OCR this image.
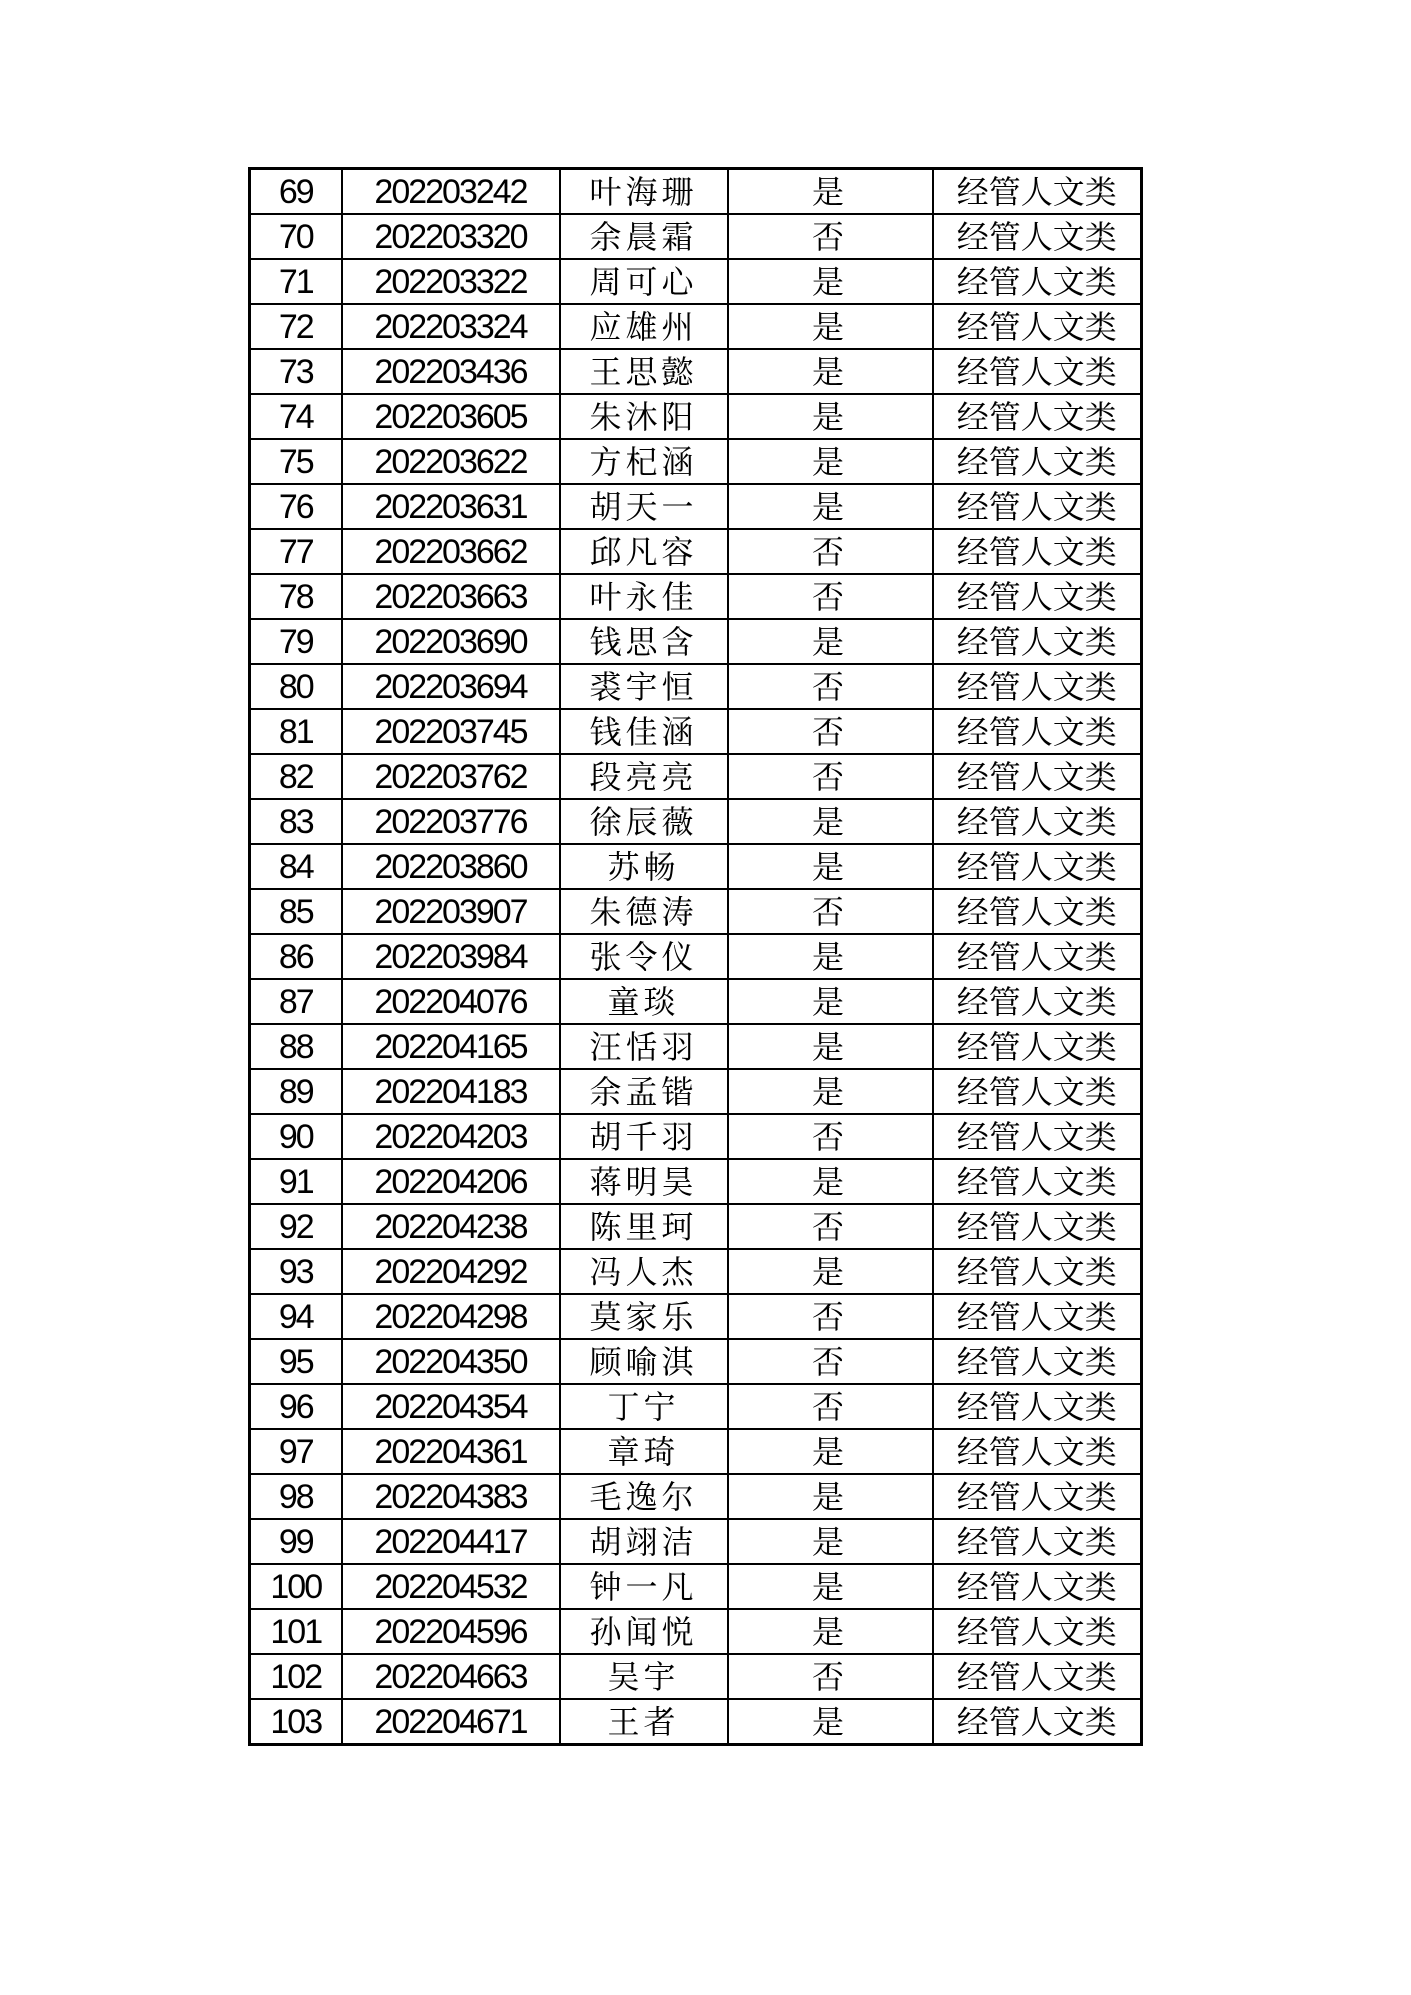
69	202203242	叶海珊	是	经管人文类
70	202203320	余晨霜	否	经管人文类
71	202203322	周可心	是	经管人文类
72	202203324	应雄州	是	经管人文类
73	202203436	王思懿	是	经管人文类
74	202203605	朱沐阳	是	经管人文类
75	202203622	方杞涵	是	经管人文类
76	202203631	胡天一	是	经管人文类
77	202203662	邱凡容	否	经管人文类
78	202203663	叶永佳	否	经管人文类
79	202203690	钱思含	是	经管人文类
80	202203694	裘宇恒	否	经管人文类
81	202203745	钱佳涵	否	经管人文类
82	202203762	段亮亮	否	经管人文类
83	202203776	徐辰薇	是	经管人文类
84	202203860	苏畅	是	经管人文类
85	202203907	朱德涛	否	经管人文类
86	202203984	张令仪	是	经管人文类
87	202204076	童琰	是	经管人文类
88	202204165	汪恬羽	是	经管人文类
89	202204183	余孟锴	是	经管人文类
90	202204203	胡千羽	否	经管人文类
91	202204206	蒋明昊	是	经管人文类
92	202204238	陈里珂	否	经管人文类
93	202204292	冯人杰	是	经管人文类
94	202204298	莫家乐	否	经管人文类
95	202204350	顾喻淇	否	经管人文类
96	202204354	丁宁	否	经管人文类
97	202204361	章琦	是	经管人文类
98	202204383	毛逸尔	是	经管人文类
99	202204417	胡翊洁	是	经管人文类
100	202204532	钟一凡	是	经管人文类
101	202204596	孙闻悦	是	经管人文类
102	202204663	吴宇	否	经管人文类
103	202204671	王者	是	经管人文类
